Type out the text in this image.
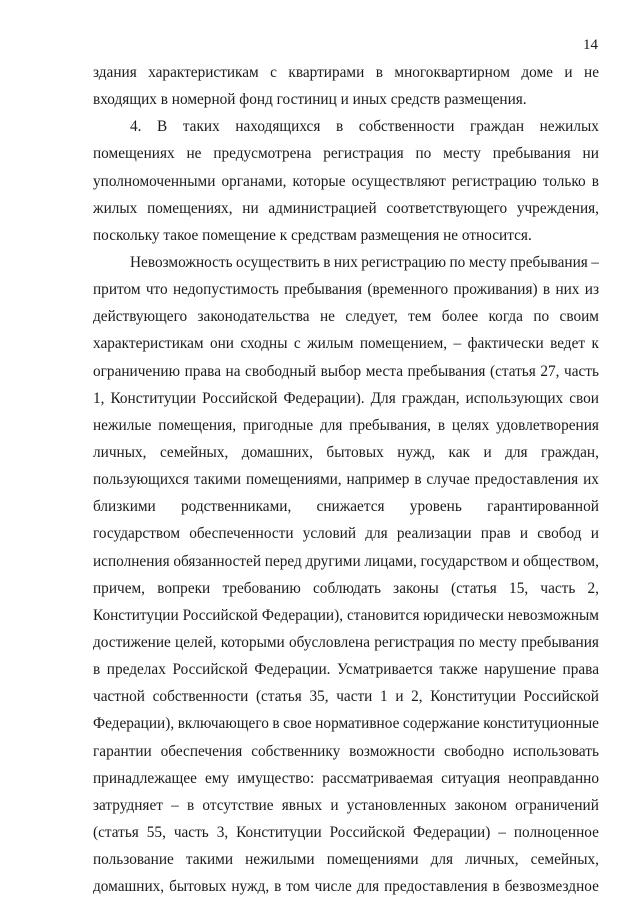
14
здания характеристикам с квартирами в многоквартирном доме и не
входящих в номерной фонд гостиниц и иных средств размещения.
4. В таких находящихся в собственности граждан нежилых
помещениях не предусмотрена регистрация по месту пребывания ни
уполномоченными органами, которые осуществляют регистрацию только в
жилых помещениях, ни администрацией соответствующего учреждения,
поскольку такое помещение к средствам размещения не относится.
Невозможность осуществить в них регистрацию по месту пребывания –
притом что недопустимость пребывания (временного проживания) в них из
действующего законодательства не следует, тем более когда по своим
характеристикам они сходны с жилым помещением, – фактически ведет к
ограничению права на свободный выбор места пребывания (статья 27, часть
1, Конституции Российской Федерации). Для граждан, использующих свои
нежилые помещения, пригодные для пребывания, в целях удовлетворения
личных, семейных, домашних, бытовых нужд, как и для граждан,
пользующихся такими помещениями, например в случае предоставления их
близкими родственниками, снижается уровень гарантированной
государством обеспеченности условий для реализации прав и свобод и
исполнения обязанностей перед другими лицами, государством и обществом,
причем, вопреки требованию соблюдать законы (статья 15, часть 2,
Конституции Российской Федерации), становится юридически невозможным
достижение целей, которыми обусловлена регистрация по месту пребывания
в пределах Российской Федерации. Усматривается также нарушение права
частной собственности (статья 35, части 1 и 2, Конституции Российской
Федерации), включающего в свое нормативное содержание конституционные
гарантии обеспечения собственнику возможности свободно использовать
принадлежащее ему имущество: рассматриваемая ситуация неоправданно
затрудняет – в отсутствие явных и установленных законом ограничений
(статья 55, часть 3, Конституции Российской Федерации) – полноценное
пользование такими нежилыми помещениями для личных, семейных,
домашних, бытовых нужд, в том числе для предоставления в безвозмездное
